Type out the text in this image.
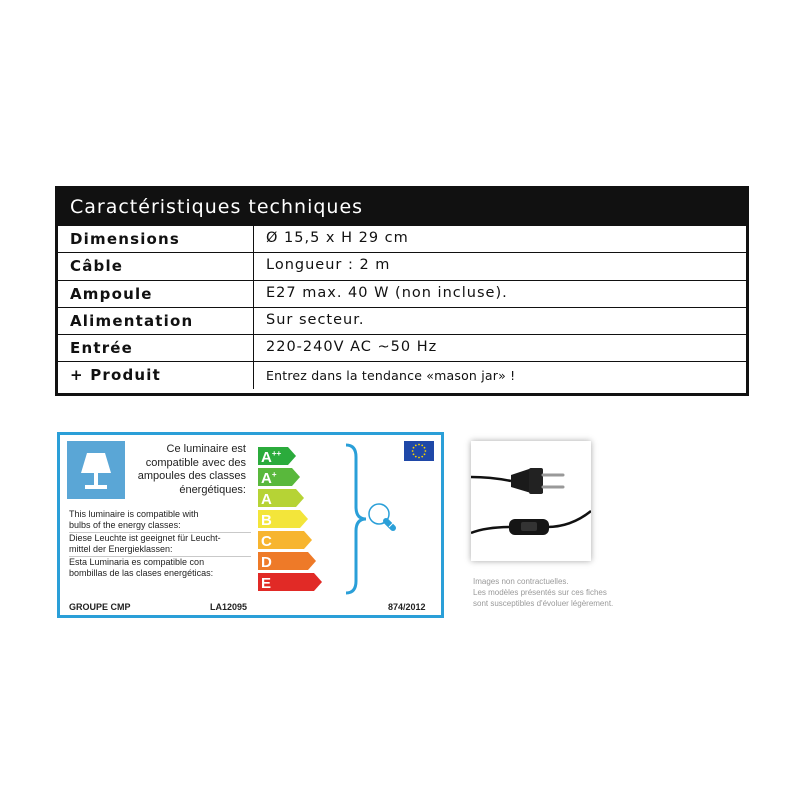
Caractéristiques techniques
Dimensions	Ø 15,5 x H 29 cm
Câble	Longueur : 2 m
Ampoule	E27 max. 40 W (non incluse).
Alimentation	Sur secteur.
Entrée	220-240V AC ~50 Hz
+ Produit	Entrez dans la tendance «mason jar» !
Ce luminaire est
compatible avec des
ampoules des classes
énergétiques:
This luminaire is compatible with
bulbs of the energy classes:
Diese Leuchte ist geeignet für Leucht-
mittel der Energieklassen:
Esta Luminaria es compatible con
bombillas de las clases energéticas:
A++
A+
A
B
C
D
E
GROUPE CMP	LA12095	874/2012
Images non contractuelles.
Les modèles présentés sur ces fiches
sont susceptibles d'évoluer légèrement.
